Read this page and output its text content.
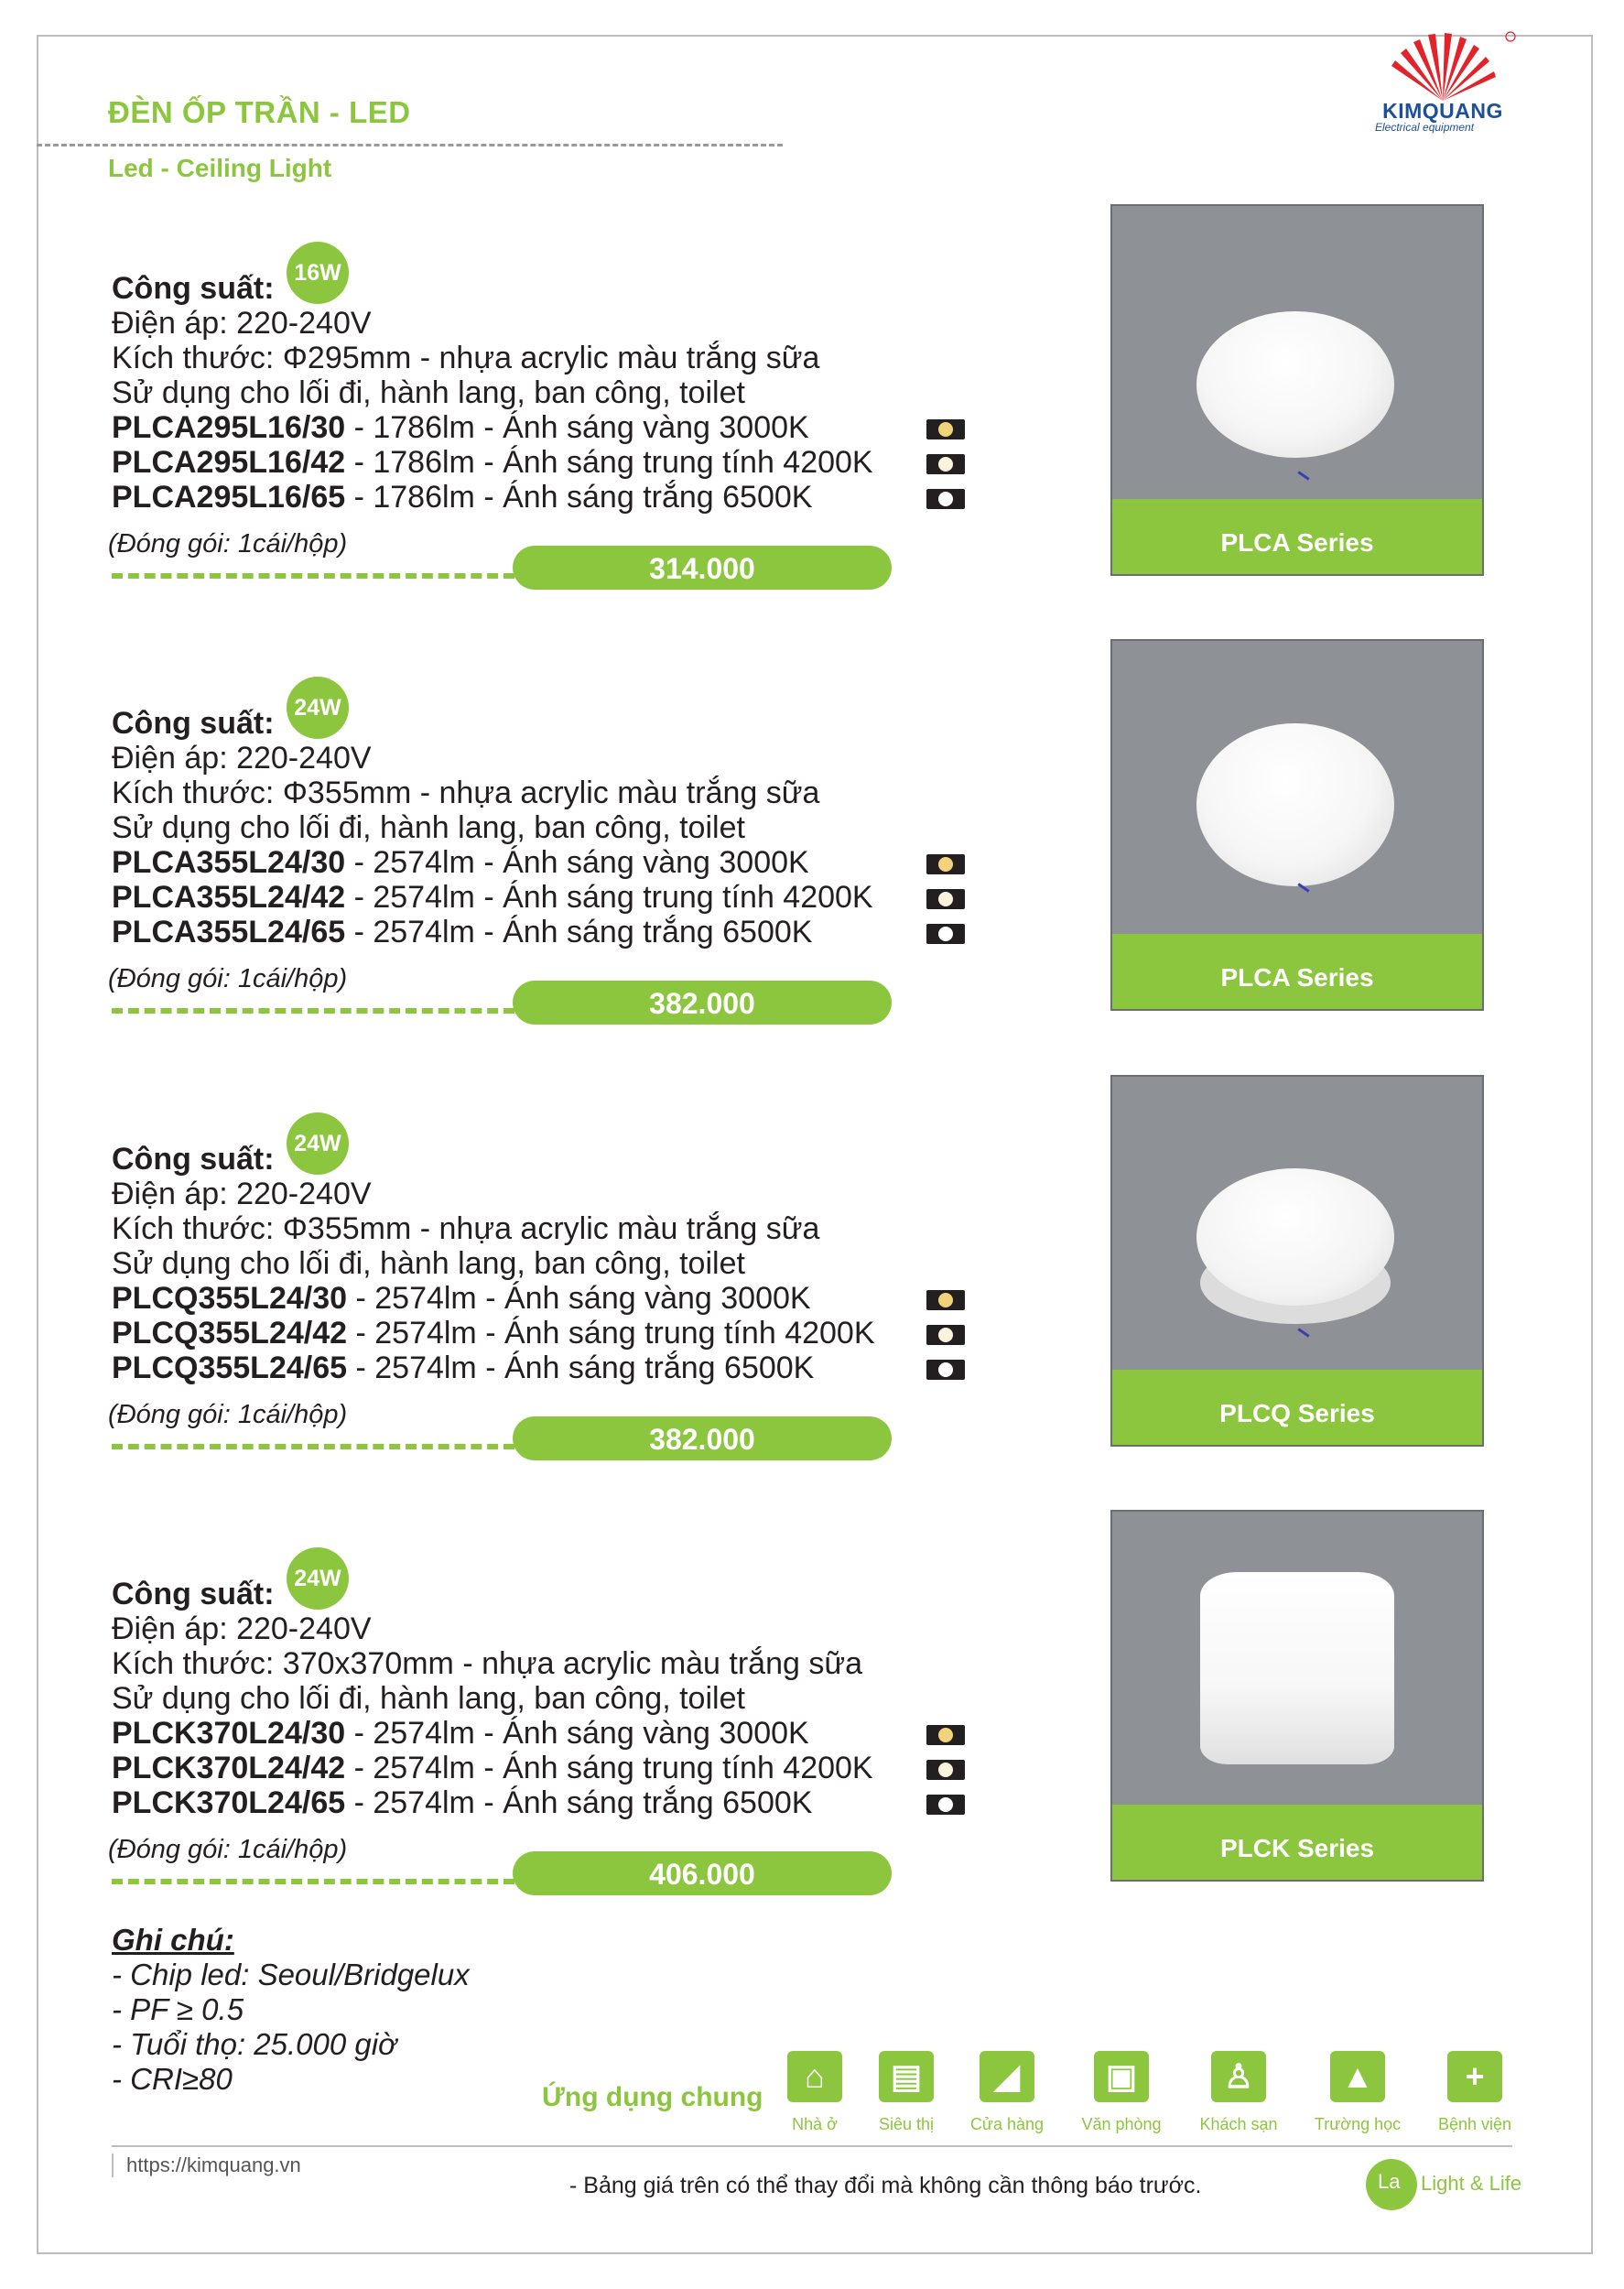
ĐÈN ỐP TRẦN - LED
Led - Ceiling Light
KIMQUANG
Electrical equipment
Công suất: 16W
Điện áp: 220-240V
Kích thước: Φ295mm - nhựa acrylic màu trắng sữa
Sử dụng cho lối đi, hành lang, ban công, toilet
PLCA295L16/30 - 1786lm - Ánh sáng vàng 3000K
PLCA295L16/42 - 1786lm - Ánh sáng trung tính 4200K
PLCA295L16/65 - 1786lm - Ánh sáng trắng 6500K
(Đóng gói: 1cái/hộp)
314.000
PLCA Series
Công suất: 24W
Điện áp: 220-240V
Kích thước: Φ355mm - nhựa acrylic màu trắng sữa
Sử dụng cho lối đi, hành lang, ban công, toilet
PLCA355L24/30 - 2574lm - Ánh sáng vàng 3000K
PLCA355L24/42 - 2574lm - Ánh sáng trung tính 4200K
PLCA355L24/65 - 2574lm - Ánh sáng trắng 6500K
(Đóng gói: 1cái/hộp)
382.000
PLCA Series
Công suất: 24W
Điện áp: 220-240V
Kích thước: Φ355mm - nhựa acrylic màu trắng sữa
Sử dụng cho lối đi, hành lang, ban công, toilet
PLCQ355L24/30 - 2574lm - Ánh sáng vàng 3000K
PLCQ355L24/42 - 2574lm - Ánh sáng trung tính 4200K
PLCQ355L24/65 - 2574lm - Ánh sáng trắng 6500K
(Đóng gói: 1cái/hộp)
382.000
PLCQ Series
Công suất: 24W
Điện áp: 220-240V
Kích thước: 370x370mm - nhựa acrylic màu trắng sữa
Sử dụng cho lối đi, hành lang, ban công, toilet
PLCK370L24/30 - 2574lm - Ánh sáng vàng 3000K
PLCK370L24/42 - 2574lm - Ánh sáng trung tính 4200K
PLCK370L24/65 - 2574lm - Ánh sáng trắng 6500K
(Đóng gói: 1cái/hộp)
406.000
PLCK Series
Ghi chú:
- Chip led: Seoul/Bridgelux
- PF ≥ 0.5
- Tuổi thọ: 25.000 giờ
- CRI≥80
Ứng dụng chung
⌂
Nhà ở
▤
Siêu thị
◢
Cửa hàng
▣
Văn phòng
♙
Khách sạn
▲
Trường học
+
Bệnh viện
https://kimquang.vn
- Bảng giá trên có thể thay đổi mà không cần thông báo trước.	La Light & Life
